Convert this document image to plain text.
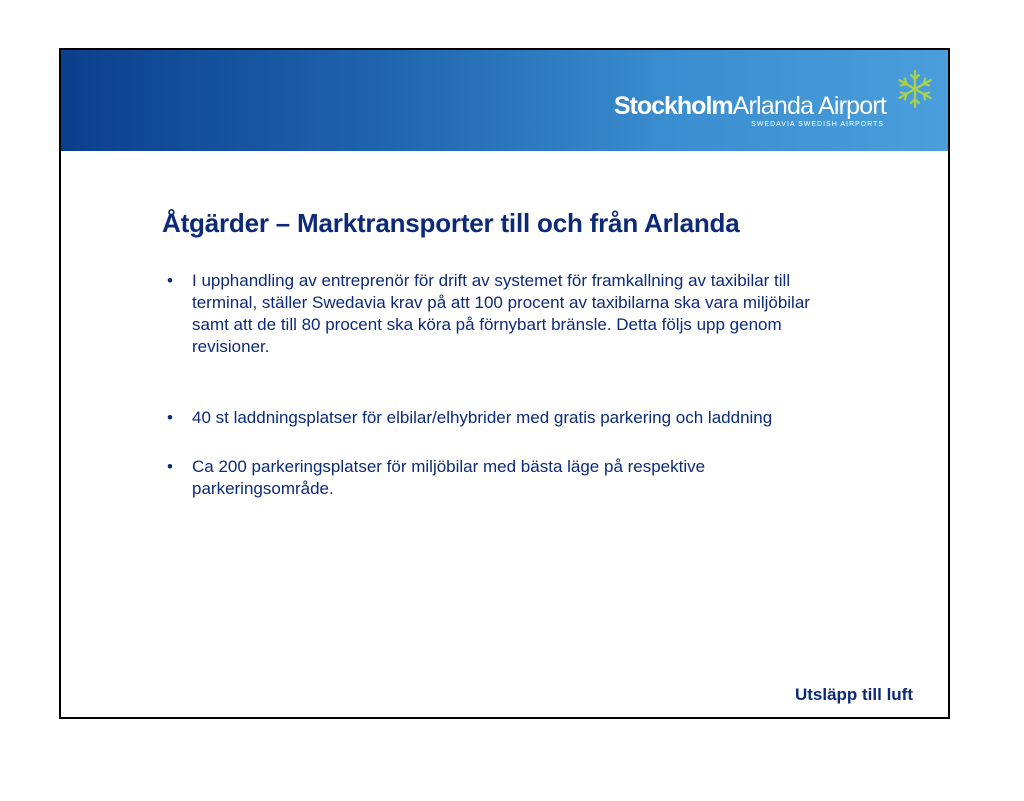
StockholmArlanda Airport
SWEDAVIA SWEDISH AIRPORTS
Åtgärder – Marktransporter till och från Arlanda
• I upphandling av entreprenör för drift av systemet för framkallning av taxibilar till terminal, ställer Swedavia krav på att 100 procent av taxibilarna ska vara miljöbilar samt att de till 80 procent ska köra på förnybart bränsle. Detta följs upp genom revisioner.
• 40 st laddningsplatser för elbilar/elhybrider med gratis parkering och laddning
• Ca 200 parkeringsplatser för miljöbilar med bästa läge på respektive parkeringsområde.
Utsläpp till luft
